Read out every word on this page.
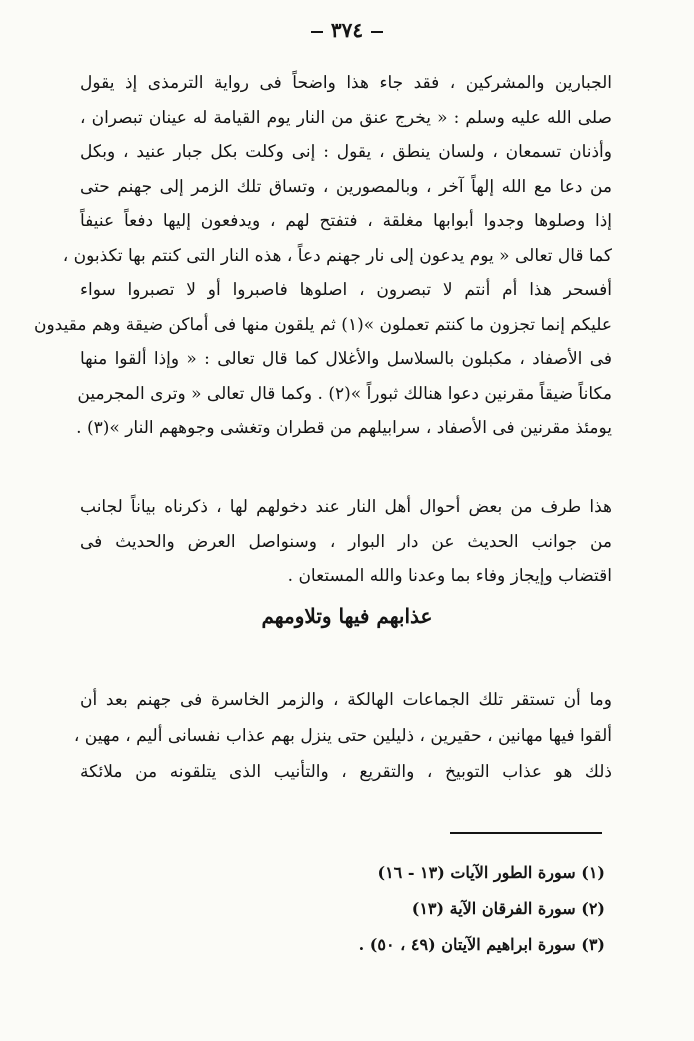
٣٧٤
الجبارين والمشركين ، فقد جاء هذا واضحاً فى رواية الترمذى إذ يقول
صلى الله عليه وسلم : « يخرج عنق من النار يوم القيامة له عينان تبصران ،
وأذنان تسمعان ، ولسان ينطق ، يقول : إنى وكلت بكل جبار عنيد ، وبكل
من دعا مع الله إلهاً آخر ، وبالمصورين ، وتساق تلك الزمر إلى جهنم حتى
إذا وصلوها وجدوا أبوابها مغلقة ، فتفتح لهم ، ويدفعون إليها دفعاً عنيفاً
كما قال تعالى « يوم يدعون إلى نار جهنم دعاً ، هذه النار التى كنتم بها تكذبون ،
أفسحر هذا أم أنتم لا تبصرون ، اصلوها فاصبروا أو لا تصبروا سواء
عليكم إنما تجزون ما كنتم تعملون »(١) ثم يلقون منها فى أماكن ضيقة وهم مقيدون
فى الأصفاد ، مكبلون بالسلاسل والأغلال كما قال تعالى : « وإذا ألقوا منها
مكاناً ضيقاً مقرنين دعوا هنالك ثبوراً »(٢) . وكما قال تعالى « وترى المجرمين
يومئذ مقرنين فى الأصفاد ، سرابيلهم من قطران وتغشى وجوههم النار »(٣) .
هذا طرف من بعض أحوال أهل النار عند دخولهم لها ، ذكرناه بياناً لجانب
من جوانب الحديث عن دار البوار ، وسنواصل العرض والحديث فى
اقتضاب وإيجاز وفاء بما وعدنا والله المستعان .
عذابهم فيها وتلاومهم
وما أن تستقر تلك الجماعات الهالكة ، والزمر الخاسرة فى جهنم بعد أن
ألقوا فيها مهانين ، حقيرين ، ذليلين حتى ينزل بهم عذاب نفسانى أليم ، مهين ،
ذلك هو عذاب التوبيخ ، والتقريع ، والتأنيب الذى يتلقونه من ملائكة
(١) سورة الطور الآيات (١٣ - ١٦)
(٢) سورة الفرقان الآية (١٣)
(٣) سورة ابراهيم الآيتان (٤٩ ، ٥٠) .
